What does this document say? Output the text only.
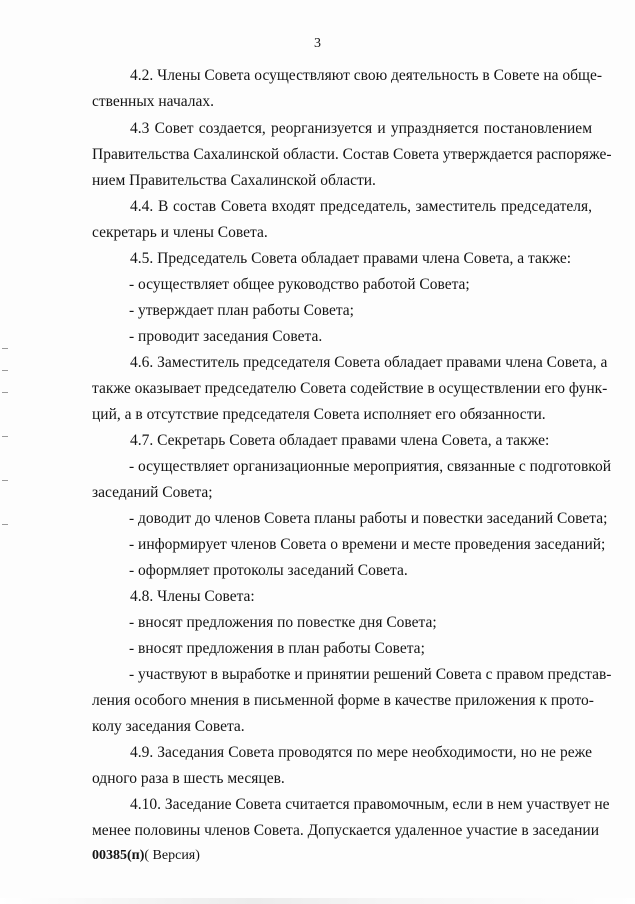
3
4.2. Члены Совета осуществляют свою деятельность в Совете на обще-
ственных началах.
4.3 Совет создается, реорганизуется и упраздняется постановлением
Правительства Сахалинской области. Состав Совета утверждается распоряже-
нием Правительства Сахалинской области.
4.4. В состав Совета входят председатель, заместитель председателя,
секретарь и члены Совета.
4.5. Председатель Совета обладает правами члена Совета, а также:
- осуществляет общее руководство работой Совета;
- утверждает план работы Совета;
- проводит заседания Совета.
4.6. Заместитель председателя Совета обладает правами члена Совета, а
также оказывает председателю Совета содействие в осуществлении его функ-
ций, а в отсутствие председателя Совета исполняет его обязанности.
4.7. Секретарь Совета обладает правами члена Совета, а также:
- осуществляет организационные мероприятия, связанные с подготовкой
заседаний Совета;
- доводит до членов Совета планы работы и повестки заседаний Совета;
- информирует членов Совета о времени и месте проведения заседаний;
- оформляет протоколы заседаний Совета.
4.8. Члены Совета:
- вносят предложения по повестке дня Совета;
- вносят предложения в план работы Совета;
- участвуют в выработке и принятии решений Совета с правом представ-
ления особого мнения в письменной форме в качестве приложения к прото-
колу заседания Совета.
4.9. Заседания Совета проводятся по мере необходимости, но не реже
одного раза в шесть месяцев.
4.10. Заседание Совета считается правомочным, если в нем участвует не
менее половины членов Совета. Допускается удаленное участие в заседании
00385(п)( Версия)
